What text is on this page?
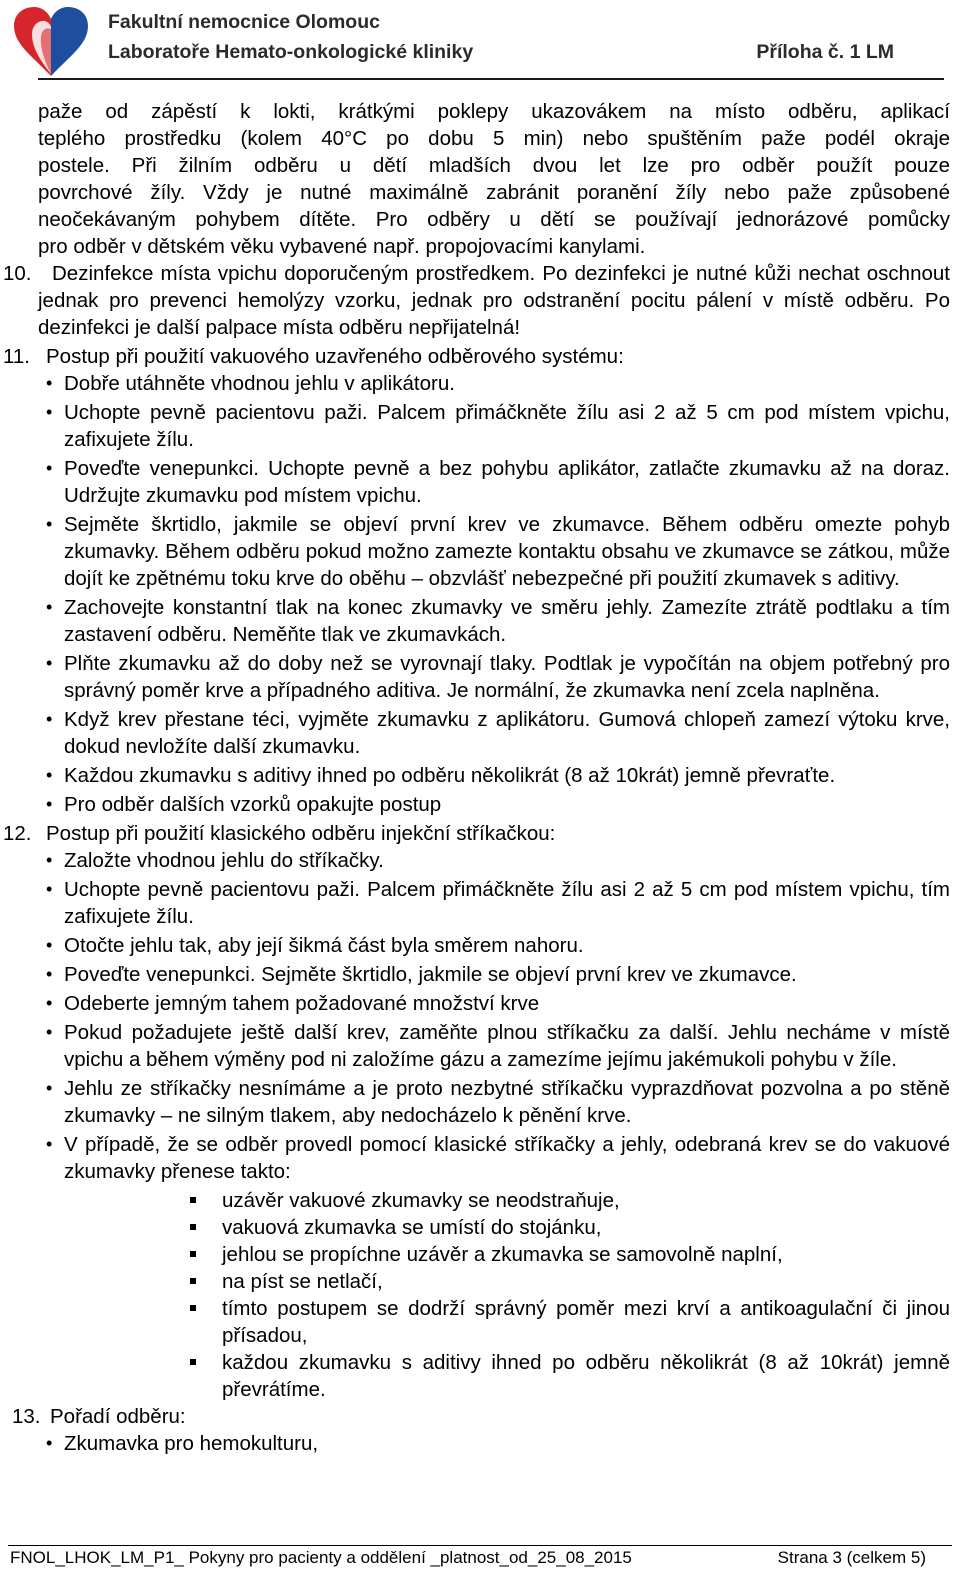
Fakultní nemocnice Olomouc
Laboratoře Hemato-onkologické kliniky	Příloha č. 1 LM

paže od zápěstí k lokti, krátkými poklepy ukazovákem na místo odběru, aplikací

teplého prostředku (kolem 40°C po dobu 5 min) nebo spuštěním paže podél okraje

postele. Při žilním odběru u dětí mladších dvou let lze pro odběr použít pouze

povrchové žíly. Vždy je nutné maximálně zabránit poranění žíly nebo paže způsobené

neočekávaným pohybem dítěte. Pro odběry u dětí se používají jednorázové pomůcky

pro odběr v dětském věku vybavené např. propojovacími kanylami.

10. Dezinfekce místa vpichu doporučeným prostředkem. Po dezinfekci je nutné kůži nechat oschnout jednak pro prevenci hemolýzy vzorku, jednak pro odstranění pocitu pálení v místě odběru. Po dezinfekci je další palpace místa odběru nepřijatelná!
11. Postup při použití vakuového uzavřeného odběrového systému:
• Dobře utáhněte vhodnou jehlu v aplikátoru.
• Uchopte pevně pacientovu paži. Palcem přimáčkněte žílu asi 2 až 5 cm pod místem vpichu, zafixujete žílu.
• Poveďte venepunkci. Uchopte pevně a bez pohybu aplikátor, zatlačte zkumavku až na doraz. Udržujte zkumavku pod místem vpichu.
• Sejměte škrtidlo, jakmile se objeví první krev ve zkumavce. Během odběru omezte pohyb zkumavky. Během odběru pokud možno zamezte kontaktu obsahu ve zkumavce se zátkou, může dojít ke zpětnému toku krve do oběhu – obzvlášť nebezpečné při použití zkumavek s aditivy.
• Zachovejte konstantní tlak na konec zkumavky ve směru jehly. Zamezíte ztrátě podtlaku a tím zastavení odběru. Neměňte tlak ve zkumavkách.
• Plňte zkumavku až do doby než se vyrovnají tlaky. Podtlak je vypočítán na objem potřebný pro správný poměr krve a případného aditiva. Je normální, že zkumavka není zcela naplněna.
• Když krev přestane téci, vyjměte zkumavku z aplikátoru. Gumová chlopeň zamezí výtoku krve, dokud nevložíte další zkumavku.
• Každou zkumavku s aditivy ihned po odběru několikrát (8 až 10krát) jemně převraťte.
• Pro odběr dalších vzorků opakujte postup
12. Postup při použití klasického odběru injekční stříkačkou:
• Založte vhodnou jehlu do stříkačky.
• Uchopte pevně pacientovu paži. Palcem přimáčkněte žílu asi 2 až 5 cm pod místem vpichu, tím zafixujete žílu.
• Otočte jehlu tak, aby její šikmá část byla směrem nahoru.
• Poveďte venepunkci. Sejměte škrtidlo, jakmile se objeví první krev ve zkumavce.
• Odeberte jemným tahem požadované množství krve
• Pokud požadujete ještě další krev, zaměňte plnou stříkačku za další. Jehlu necháme v místě vpichu a během výměny pod ni založíme gázu a zamezíme jejímu jakémukoli pohybu v žíle.
• Jehlu ze stříkačky nesnímáme a je proto nezbytné stříkačku vyprazdňovat pozvolna a po stěně zkumavky – ne silným tlakem, aby nedocházelo k pěnění krve.
• V případě, že se odběr provedl pomocí klasické stříkačky a jehly, odebraná krev se do vakuové zkumavky přenese takto:
uzávěr vakuové zkumavky se neodstraňuje,
vakuová zkumavka se umístí do stojánku,
jehlou se propíchne uzávěr a zkumavka se samovolně naplní,
na píst se netlačí,
tímto postupem se dodrží správný poměr mezi krví a antikoagulační či jinou přísadou,
každou zkumavku s aditivy ihned po odběru několikrát (8 až 10krát) jemně převrátíme.
13. Pořadí odběru:
• Zkumavka pro hemokulturu,
FNOL_LHOK_LM_P1_ Pokyny pro pacienty a oddělení _platnost_od_25_08_2015	Strana 3 (celkem 5)
